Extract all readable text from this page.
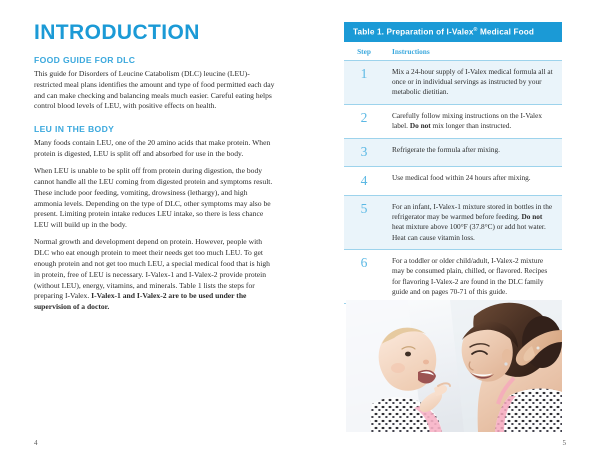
INTRODUCTION
FOOD GUIDE FOR DLC

This guide for Disorders of Leucine Catabolism (DLC) leucine (LEU)-restricted meal plans identifies the amount and type of food permitted each day and can make checking and balancing meals much easier. Careful eating helps control blood levels of LEU, with positive effects on health.

LEU IN THE BODY

Many foods contain LEU, one of the 20 amino acids that make protein. When protein is digested, LEU is split off and absorbed for use in the body.

When LEU is unable to be split off from protein during digestion, the body cannot handle all the LEU coming from digested protein and symptoms result. These include poor feeding, vomiting, drowsiness (lethargy), and high ammonia levels. Depending on the type of DLC, other symptoms may also be present. Limiting protein intake reduces LEU intake, so there is less chance LEU will build up in the body.

Normal growth and development depend on protein. However, people with DLC who eat enough protein to meet their needs get too much LEU. To get enough protein and not get too much LEU, a special medical food that is high in protein, free of LEU is necessary. I-Valex-1 and I-Valex-2 provide protein (without LEU), energy, vitamins, and minerals. Table 1 lists the steps for preparing I-Valex. I-Valex-1 and I-Valex-2 are to be used under the supervision of a doctor.

4
Table 1. Preparation of I-Valex® Medical Food
Step	Instructions
1	Mix a 24-hour supply of I-Valex medical formula all at once or in individual servings as instructed by your metabolic dietitian.
2	Carefully follow mixing instructions on the I-Valex label. Do not mix longer than instructed.
3	Refrigerate the formula after mixing.
4	Use medical food within 24 hours after mixing.
5	For an infant, I-Valex-1 mixture stored in bottles in the refrigerator may be warmed before feeding. Do not heat mixture above 100°F (37.8°C) or add hot water. Heat can cause vitamin loss.
6	For a toddler or older child/adult, I-Valex-2 mixture may be consumed plain, chilled, or flavored. Recipes for flavoring I-Valex-2 are found in the DLC family guide and on pages 70-71 of this guide.
5
